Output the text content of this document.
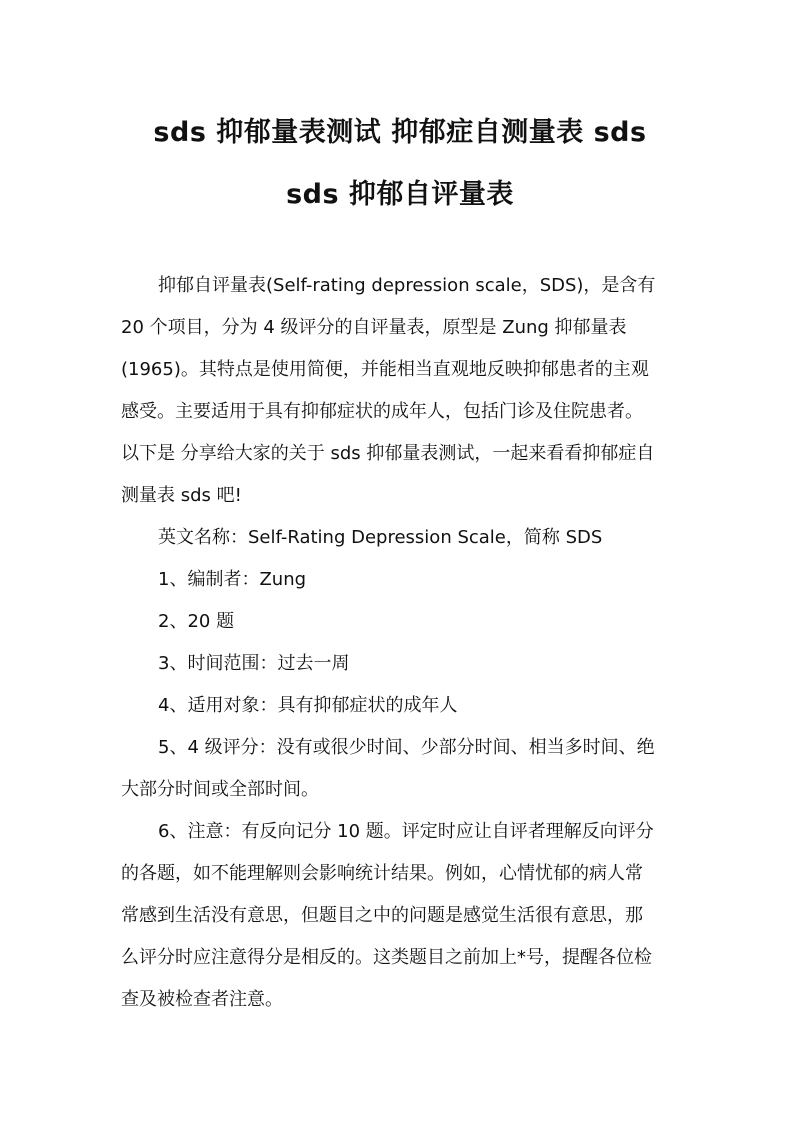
sds 抑郁量表测试 抑郁症自测量表 sds
sds 抑郁自评量表
抑郁自评量表(Self-rating depression scale，SDS)，是含有
20 个项目，分为 4 级评分的自评量表，原型是 Zung 抑郁量表
(1965)。其特点是使用简便，并能相当直观地反映抑郁患者的主观
感受。主要适用于具有抑郁症状的成年人，包括门诊及住院患者。
以下是 分享给大家的关于 sds 抑郁量表测试，一起来看看抑郁症自
测量表 sds 吧!
英文名称：Self-Rating Depression Scale，简称 SDS
1、编制者：Zung
2、20 题
3、时间范围：过去一周
4、适用对象：具有抑郁症状的成年人
5、4 级评分：没有或很少时间、少部分时间、相当多时间、绝
大部分时间或全部时间。
6、注意：有反向记分 10 题。评定时应让自评者理解反向评分
的各题，如不能理解则会影响统计结果。例如，心情忧郁的病人常
常感到生活没有意思，但题目之中的问题是感觉生活很有意思，那
么评分时应注意得分是相反的。这类题目之前加上*号，提醒各位检
查及被检查者注意。
